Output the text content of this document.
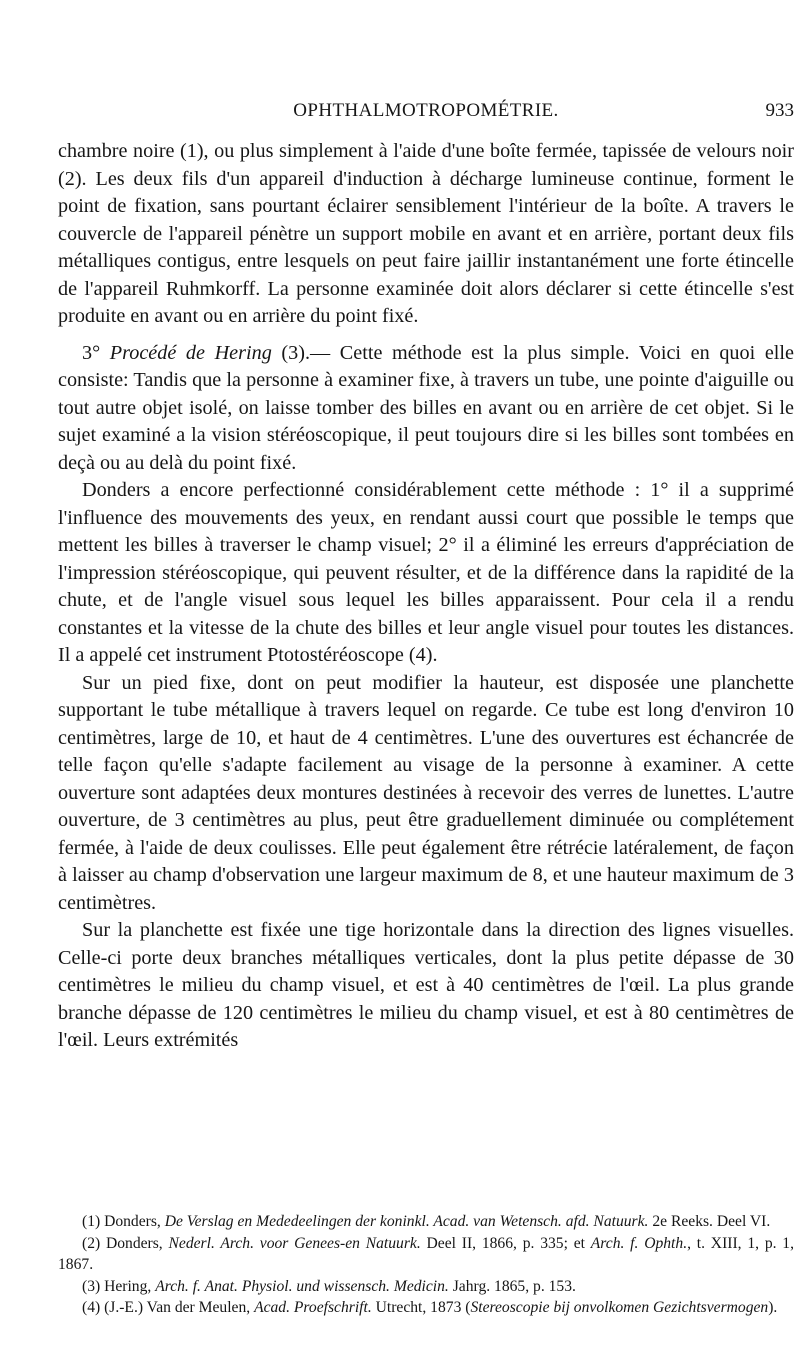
OPHTHALMOTROPOMÉTRIE.	933

chambre noire (1), ou plus simplement à l'aide d'une boîte fermée, tapissée de velours noir (2). Les deux fils d'un appareil d'induction à décharge lumineuse continue, forment le point de fixation, sans pourtant éclairer sensiblement l'intérieur de la boîte. A travers le couvercle de l'appareil pénètre un support mobile en avant et en arrière, portant deux fils métalliques contigus, entre lesquels on peut faire jaillir instantanément une forte étincelle de l'appareil Ruhmkorff. La personne examinée doit alors déclarer si cette étincelle s'est produite en avant ou en arrière du point fixé.

3° Procédé de Hering (3).— Cette méthode est la plus simple. Voici en quoi elle consiste: Tandis que la personne à examiner fixe, à travers un tube, une pointe d'aiguille ou tout autre objet isolé, on laisse tomber des billes en avant ou en arrière de cet objet. Si le sujet examiné a la vision stéréoscopique, il peut toujours dire si les billes sont tombées en deçà ou au delà du point fixé.

Donders a encore perfectionné considérablement cette méthode : 1° il a supprimé l'influence des mouvements des yeux, en rendant aussi court que possible le temps que mettent les billes à traverser le champ visuel; 2° il a éliminé les erreurs d'appréciation de l'impression stéréoscopique, qui peuvent résulter, et de la différence dans la rapidité de la chute, et de l'angle visuel sous lequel les billes apparaissent. Pour cela il a rendu constantes et la vitesse de la chute des billes et leur angle visuel pour toutes les distances. Il a appelé cet instrument Ptotostéréoscope (4).

Sur un pied fixe, dont on peut modifier la hauteur, est disposée une planchette supportant le tube métallique à travers lequel on regarde. Ce tube est long d'environ 10 centimètres, large de 10, et haut de 4 centimètres. L'une des ouvertures est échancrée de telle façon qu'elle s'adapte facilement au visage de la personne à examiner. A cette ouverture sont adaptées deux montures destinées à recevoir des verres de lunettes. L'autre ouverture, de 3 centimètres au plus, peut être graduellement diminuée ou complétement fermée, à l'aide de deux coulisses. Elle peut également être rétrécie latéralement, de façon à laisser au champ d'observation une largeur maximum de 8, et une hauteur maximum de 3 centimètres.

Sur la planchette est fixée une tige horizontale dans la direction des lignes visuelles. Celle-ci porte deux branches métalliques verticales, dont la plus petite dépasse de 30 centimètres le milieu du champ visuel, et est à 40 centimètres de l'œil. La plus grande branche dépasse de 120 centimètres le milieu du champ visuel, et est à 80 centimètres de l'œil. Leurs extrémités

(1) Donders, De Verslag en Mededeelingen der koninkl. Acad. van Wetensch. afd. Natuurk. 2e Reeks. Deel VI.

(2) Donders, Nederl. Arch. voor Genees-en Natuurk. Deel II, 1866, p. 335; et Arch. f. Ophth., t. XIII, 1, p. 1, 1867.

(3) Hering, Arch. f. Anat. Physiol. und wissensch. Medicin. Jahrg. 1865, p. 153.

(4) (J.-E.) Van der Meulen, Acad. Proefschrift. Utrecht, 1873 (Stereoscopie bij onvolkomen Gezichtsvermogen).
